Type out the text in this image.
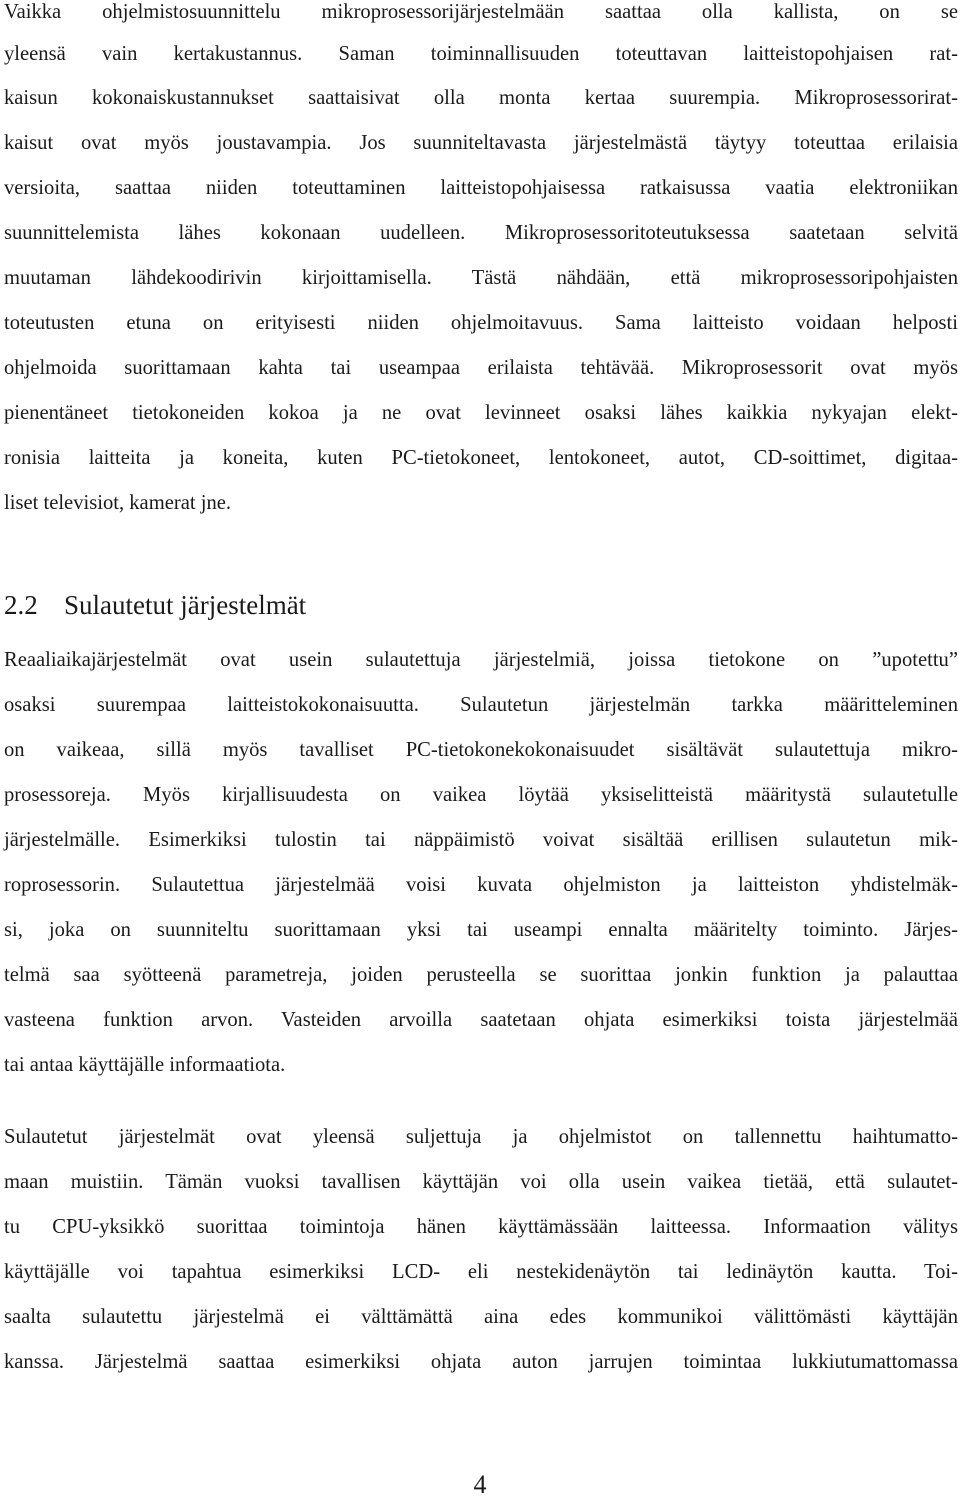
Vaikka ohjelmistosuunnittelu mikroprosessorijärjestelmään saattaa olla kallista, on se
yleensä vain kertakustannus. Saman toiminnallisuuden toteuttavan laitteistopohjaisen rat-
kaisun kokonaiskustannukset saattaisivat olla monta kertaa suurempia. Mikroprosessorirat-
kaisut ovat myös joustavampia. Jos suunniteltavasta järjestelmästä täytyy toteuttaa erilaisia
versioita, saattaa niiden toteuttaminen laitteistopohjaisessa ratkaisussa vaatia elektroniikan
suunnittelemista lähes kokonaan uudelleen. Mikroprosessoritoteutuksessa saatetaan selvitä
muutaman lähdekoodirivin kirjoittamisella. Tästä nähdään, että mikroprosessoripohjaisten
toteutusten etuna on erityisesti niiden ohjelmoitavuus. Sama laitteisto voidaan helposti
ohjelmoida suorittamaan kahta tai useampaa erilaista tehtävää. Mikroprosessorit ovat myös
pienentäneet tietokoneiden kokoa ja ne ovat levinneet osaksi lähes kaikkia nykyajan elekt-
ronisia laitteita ja koneita, kuten PC-tietokoneet, lentokoneet, autot, CD-soittimet, digitaa-
liset televisiot, kamerat jne.
2.2 Sulautetut järjestelmät
Reaaliaikajärjestelmät ovat usein sulautettuja järjestelmiä, joissa tietokone on ”upotettu”
osaksi suurempaa laitteistokokonaisuutta. Sulautetun järjestelmän tarkka määritteleminen
on vaikeaa, sillä myös tavalliset PC-tietokonekokonaisuudet sisältävät sulautettuja mikro-
prosessoreja. Myös kirjallisuudesta on vaikea löytää yksiselitteistä määritystä sulautetulle
järjestelmälle. Esimerkiksi tulostin tai näppäimistö voivat sisältää erillisen sulautetun mik-
roprosessorin. Sulautettua järjestelmää voisi kuvata ohjelmiston ja laitteiston yhdistelmäk-
si, joka on suunniteltu suorittamaan yksi tai useampi ennalta määritelty toiminto. Järjes-
telmä saa syötteenä parametreja, joiden perusteella se suorittaa jonkin funktion ja palauttaa
vasteena funktion arvon. Vasteiden arvoilla saatetaan ohjata esimerkiksi toista järjestelmää
tai antaa käyttäjälle informaatiota.
Sulautetut järjestelmät ovat yleensä suljettuja ja ohjelmistot on tallennettu haihtumatto-
maan muistiin. Tämän vuoksi tavallisen käyttäjän voi olla usein vaikea tietää, että sulautet-
tu CPU-yksikkö suorittaa toimintoja hänen käyttämässään laitteessa. Informaation välitys
käyttäjälle voi tapahtua esimerkiksi LCD- eli nestekidenäytön tai ledinäytön kautta. Toi-
saalta sulautettu järjestelmä ei välttämättä aina edes kommunikoi välittömästi käyttäjän
kanssa. Järjestelmä saattaa esimerkiksi ohjata auton jarrujen toimintaa lukkiutumattomassa
4
